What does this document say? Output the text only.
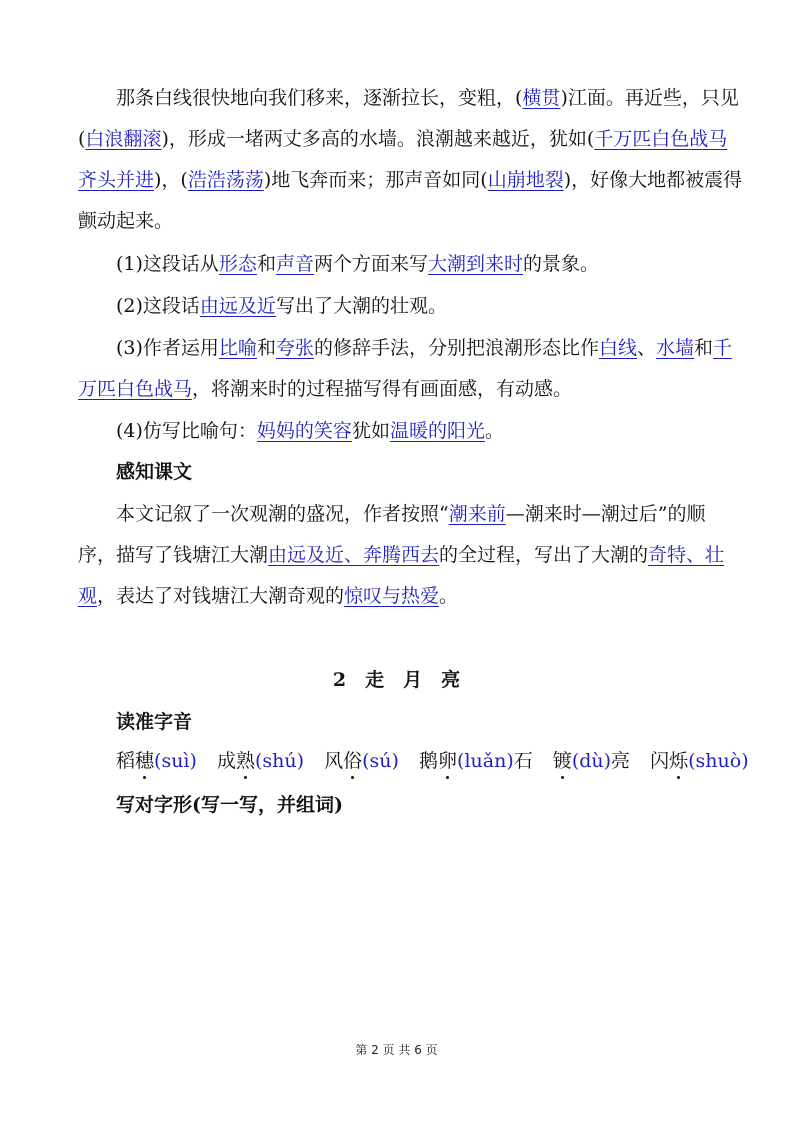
那条白线很快地向我们移来，逐渐拉长，变粗，(横贯)江面。再近些，只见
(白浪翻滚)，形成一堵两丈多高的水墙。浪潮越来越近，犹如(千万匹白色战马
齐头并进)，(浩浩荡荡)地飞奔而来；那声音如同(山崩地裂)，好像大地都被震得
颤动起来。
(1)这段话从形态和声音两个方面来写大潮到来时的景象。
(2)这段话由远及近写出了大潮的壮观。
(3)作者运用比喻和夸张的修辞手法，分别把浪潮形态比作白线、水墙和千
万匹白色战马，将潮来时的过程描写得有画面感，有动感。
(4)仿写比喻句：妈妈的笑容犹如温暖的阳光。
感知课文
本文记叙了一次观潮的盛况，作者按照“潮来前—潮来时—潮过后”的顺
序，描写了钱塘江大潮由远及近、奔腾西去的全过程，写出了大潮的奇特、壮
观，表达了对钱塘江大潮奇观的惊叹与热爱。
2　走　月　亮
读准字音
稻穗(suì) 成熟(shú) 风俗(sú) 鹅卵(luǎn)石 镀(dù)亮 闪烁(shuò)
写对字形(写一写，并组词)
第 2 页 共 6 页
